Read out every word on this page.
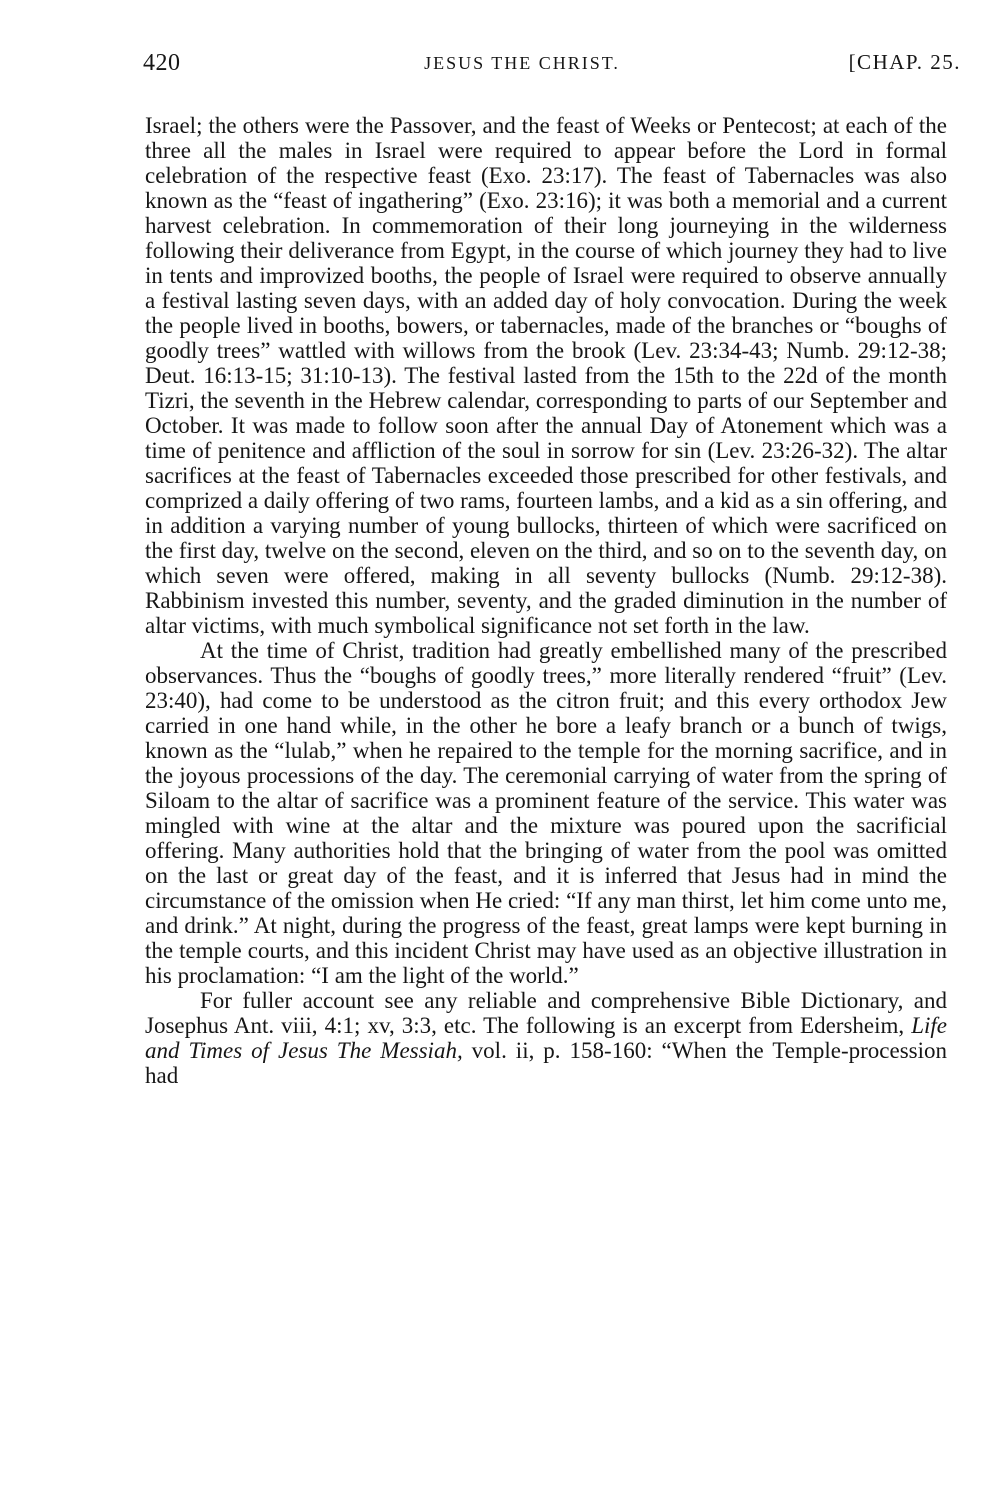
420	JESUS THE CHRIST.	[CHAP. 25.

Israel; the others were the Passover, and the feast of Weeks or Pentecost; at each of the three all the males in Israel were required to appear before the Lord in formal celebration of the respective feast (Exo. 23:17). The feast of Tabernacles was also known as the “feast of ingathering” (Exo. 23:16); it was both a memorial and a current harvest celebration. In commemoration of their long journeying in the wilderness following their deliverance from Egypt, in the course of which journey they had to live in tents and improvized booths, the people of Israel were required to observe annually a festival lasting seven days, with an added day of holy convocation. During the week the people lived in booths, bowers, or tabernacles, made of the branches or “boughs of goodly trees” wattled with willows from the brook (Lev. 23:34-43; Numb. 29:12-38; Deut. 16:13-15; 31:10-13). The festival lasted from the 15th to the 22d of the month Tizri, the seventh in the Hebrew calendar, corresponding to parts of our September and October. It was made to follow soon after the annual Day of Atonement which was a time of penitence and affliction of the soul in sorrow for sin (Lev. 23:26-32). The altar sacrifices at the feast of Tabernacles exceeded those prescribed for other festivals, and comprized a daily offering of two rams, fourteen lambs, and a kid as a sin offering, and in addition a varying number of young bullocks, thirteen of which were sacrificed on the first day, twelve on the second, eleven on the third, and so on to the seventh day, on which seven were offered, making in all seventy bullocks (Numb. 29:12-38). Rabbinism invested this number, seventy, and the graded diminution in the number of altar victims, with much symbolical significance not set forth in the law.

At the time of Christ, tradition had greatly embellished many of the prescribed observances. Thus the “boughs of goodly trees,” more literally rendered “fruit” (Lev. 23:40), had come to be understood as the citron fruit; and this every orthodox Jew carried in one hand while, in the other he bore a leafy branch or a bunch of twigs, known as the “lulab,” when he repaired to the temple for the morning sacrifice, and in the joyous processions of the day. The ceremonial carrying of water from the spring of Siloam to the altar of sacrifice was a prominent feature of the service. This water was mingled with wine at the altar and the mixture was poured upon the sacrificial offering. Many authorities hold that the bringing of water from the pool was omitted on the last or great day of the feast, and it is inferred that Jesus had in mind the circumstance of the omission when He cried: “If any man thirst, let him come unto me, and drink.” At night, during the progress of the feast, great lamps were kept burning in the temple courts, and this incident Christ may have used as an objective illustration in his proclamation: “I am the light of the world.”

For fuller account see any reliable and comprehensive Bible Dictionary, and Josephus Ant. viii, 4:1; xv, 3:3, etc. The following is an excerpt from Edersheim, Life and Times of Jesus The Messiah, vol. ii, p. 158-160: “When the Temple-procession had
